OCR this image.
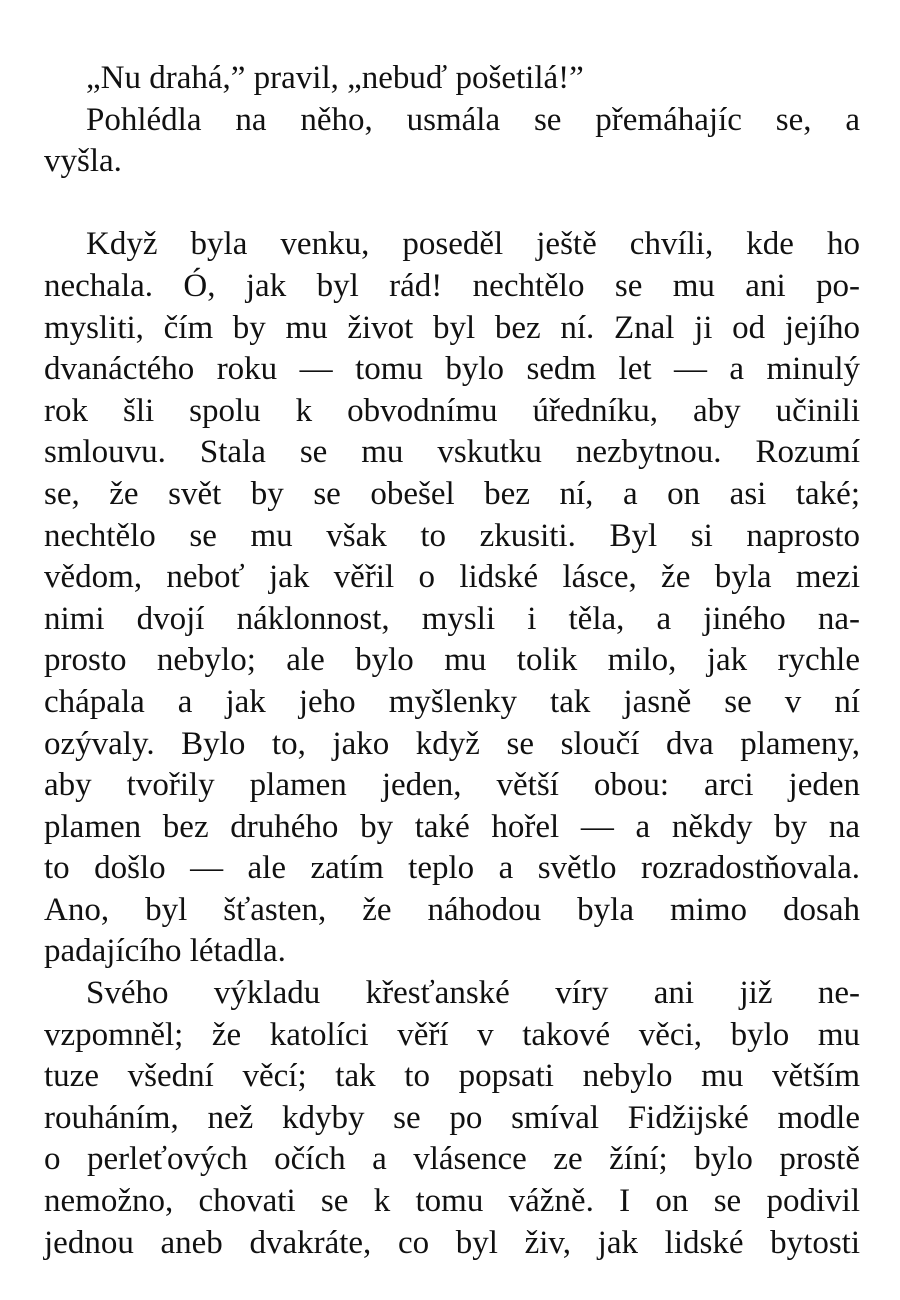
„Nu drahá,” pravil, „nebuď pošetilá!”
Pohlédla na něho, usmála se přemáhajíc se, a
vyšla.
Když byla venku, poseděl ještě chvíli, kde ho
nechala. Ó, jak byl rád! nechtělo se mu ani po-
mysliti, čím by mu život byl bez ní. Znal ji od jejího
dvanáctého roku — tomu bylo sedm let — a minulý
rok šli spolu k obvodnímu úředníku, aby učinili
smlouvu. Stala se mu vskutku nezbytnou. Rozumí
se, že svět by se obešel bez ní, a on asi také;
nechtělo se mu však to zkusiti. Byl si naprosto
vědom, neboť jak věřil o lidské lásce, že byla mezi
nimi dvojí náklonnost, mysli i těla, a jiného na-
prosto nebylo; ale bylo mu tolik milo, jak rychle
chápala a jak jeho myšlenky tak jasně se v ní
ozývaly. Bylo to, jako když se sloučí dva plameny,
aby tvořily plamen jeden, větší obou: arci jeden
plamen bez druhého by také hořel — a někdy by na
to došlo — ale zatím teplo a světlo rozradostňovala.
Ano, byl šťasten, že náhodou byla mimo dosah
padajícího létadla.
Svého výkladu křesťanské víry ani již ne-
vzpomněl; že katolíci věří v takové věci, bylo mu
tuze všední věcí; tak to popsati nebylo mu větším
rouháním, než kdyby se po smíval Fidžijské modle
o perleťových očích a vlásence ze žíní; bylo prostě
nemožno, chovati se k tomu vážně. I on se podivil
jednou aneb dvakráte, co byl živ, jak lidské bytosti
